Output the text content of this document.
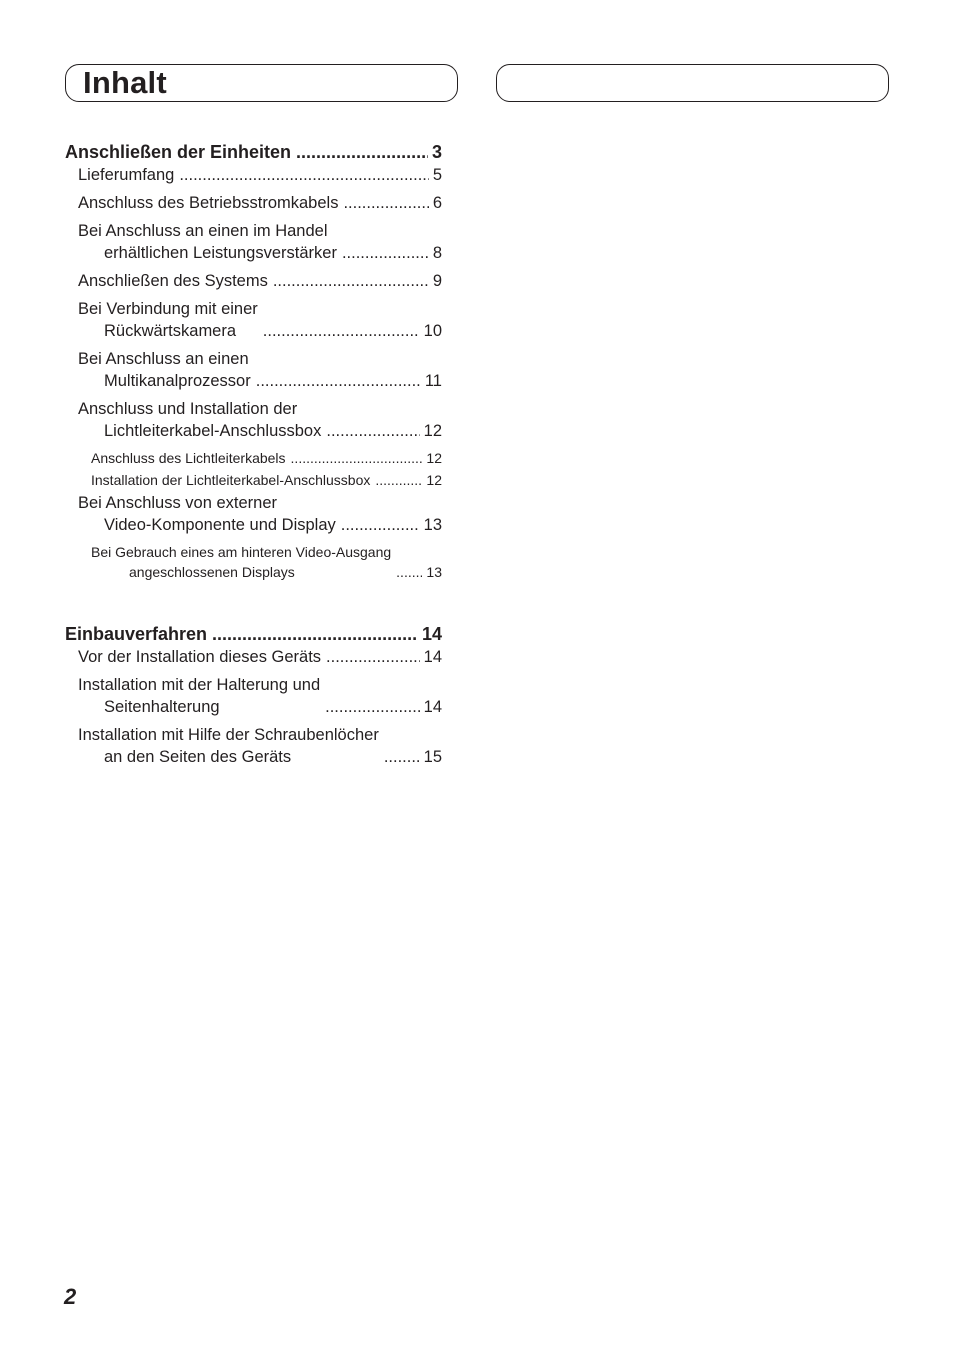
Inhalt
Anschließen der Einheiten .....	3
Lieferumfang .....	5
Anschluss des Betriebsstromkabels .....	6
Bei Anschluss an einen im Handel
erhältlichen Leistungsverstärker .....	8
Anschließen des Systems .....	9
Bei Verbindung mit einer
Rückwärtskamera .....	10
Bei Anschluss an einen
Multikanalprozessor .....	11
Anschluss und Installation der
Lichtleiterkabel-Anschlussbox .....	12
Anschluss des Lichtleiterkabels .....	12
Installation der Lichtleiterkabel-Anschlussbox .....	12
Bei Anschluss von externer
Video-Komponente und Display .....	13
Bei Gebrauch eines am hinteren Video-Ausgang
angeschlossenen Displays .....	13
Einbauverfahren .....	14
Vor der Installation dieses Geräts .....	14
Installation mit der Halterung und
Seitenhalterung .....	14
Installation mit Hilfe der Schraubenlöcher
an den Seiten des Geräts .....	15
2
